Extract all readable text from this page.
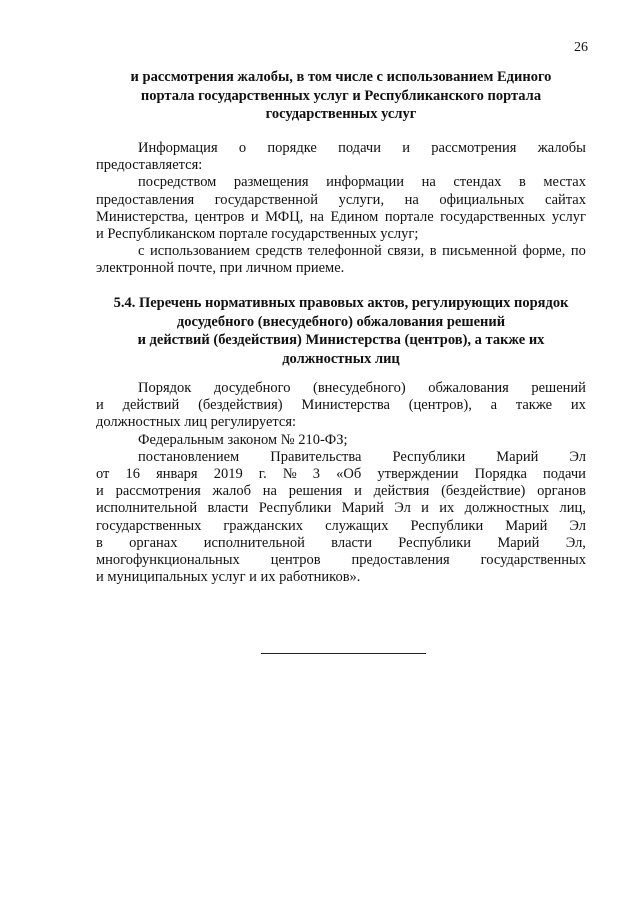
26
и рассмотрения жалобы, в том числе с использованием Единого
портала государственных услуг и Республиканского портала
государственных услуг
Информация о порядке подачи и рассмотрения жалобы
предоставляется:
посредством размещения информации на стендах в местах
предоставления государственной услуги, на официальных сайтах
Министерства, центров и МФЦ, на Едином портале государственных услуг
и Республиканском портале государственных услуг;
с использованием средств телефонной связи, в письменной форме, по
электронной почте, при личном приеме.
5.4. Перечень нормативных правовых актов, регулирующих порядок
досудебного (внесудебного) обжалования решений
и действий (бездействия) Министерства (центров), а также их
должностных лиц
Порядок досудебного (внесудебного) обжалования решений
и действий (бездействия) Министерства (центров), а также их
должностных лиц регулируется:
Федеральным законом № 210-ФЗ;
постановлением Правительства Республики Марий Эл
от 16 января 2019 г. № 3 «Об утверждении Порядка подачи
и рассмотрения жалоб на решения и действия (бездействие) органов
исполнительной власти Республики Марий Эл и их должностных лиц,
государственных гражданских служащих Республики Марий Эл
в органах исполнительной власти Республики Марий Эл,
многофункциональных центров предоставления государственных
и муниципальных услуг и их работников».
